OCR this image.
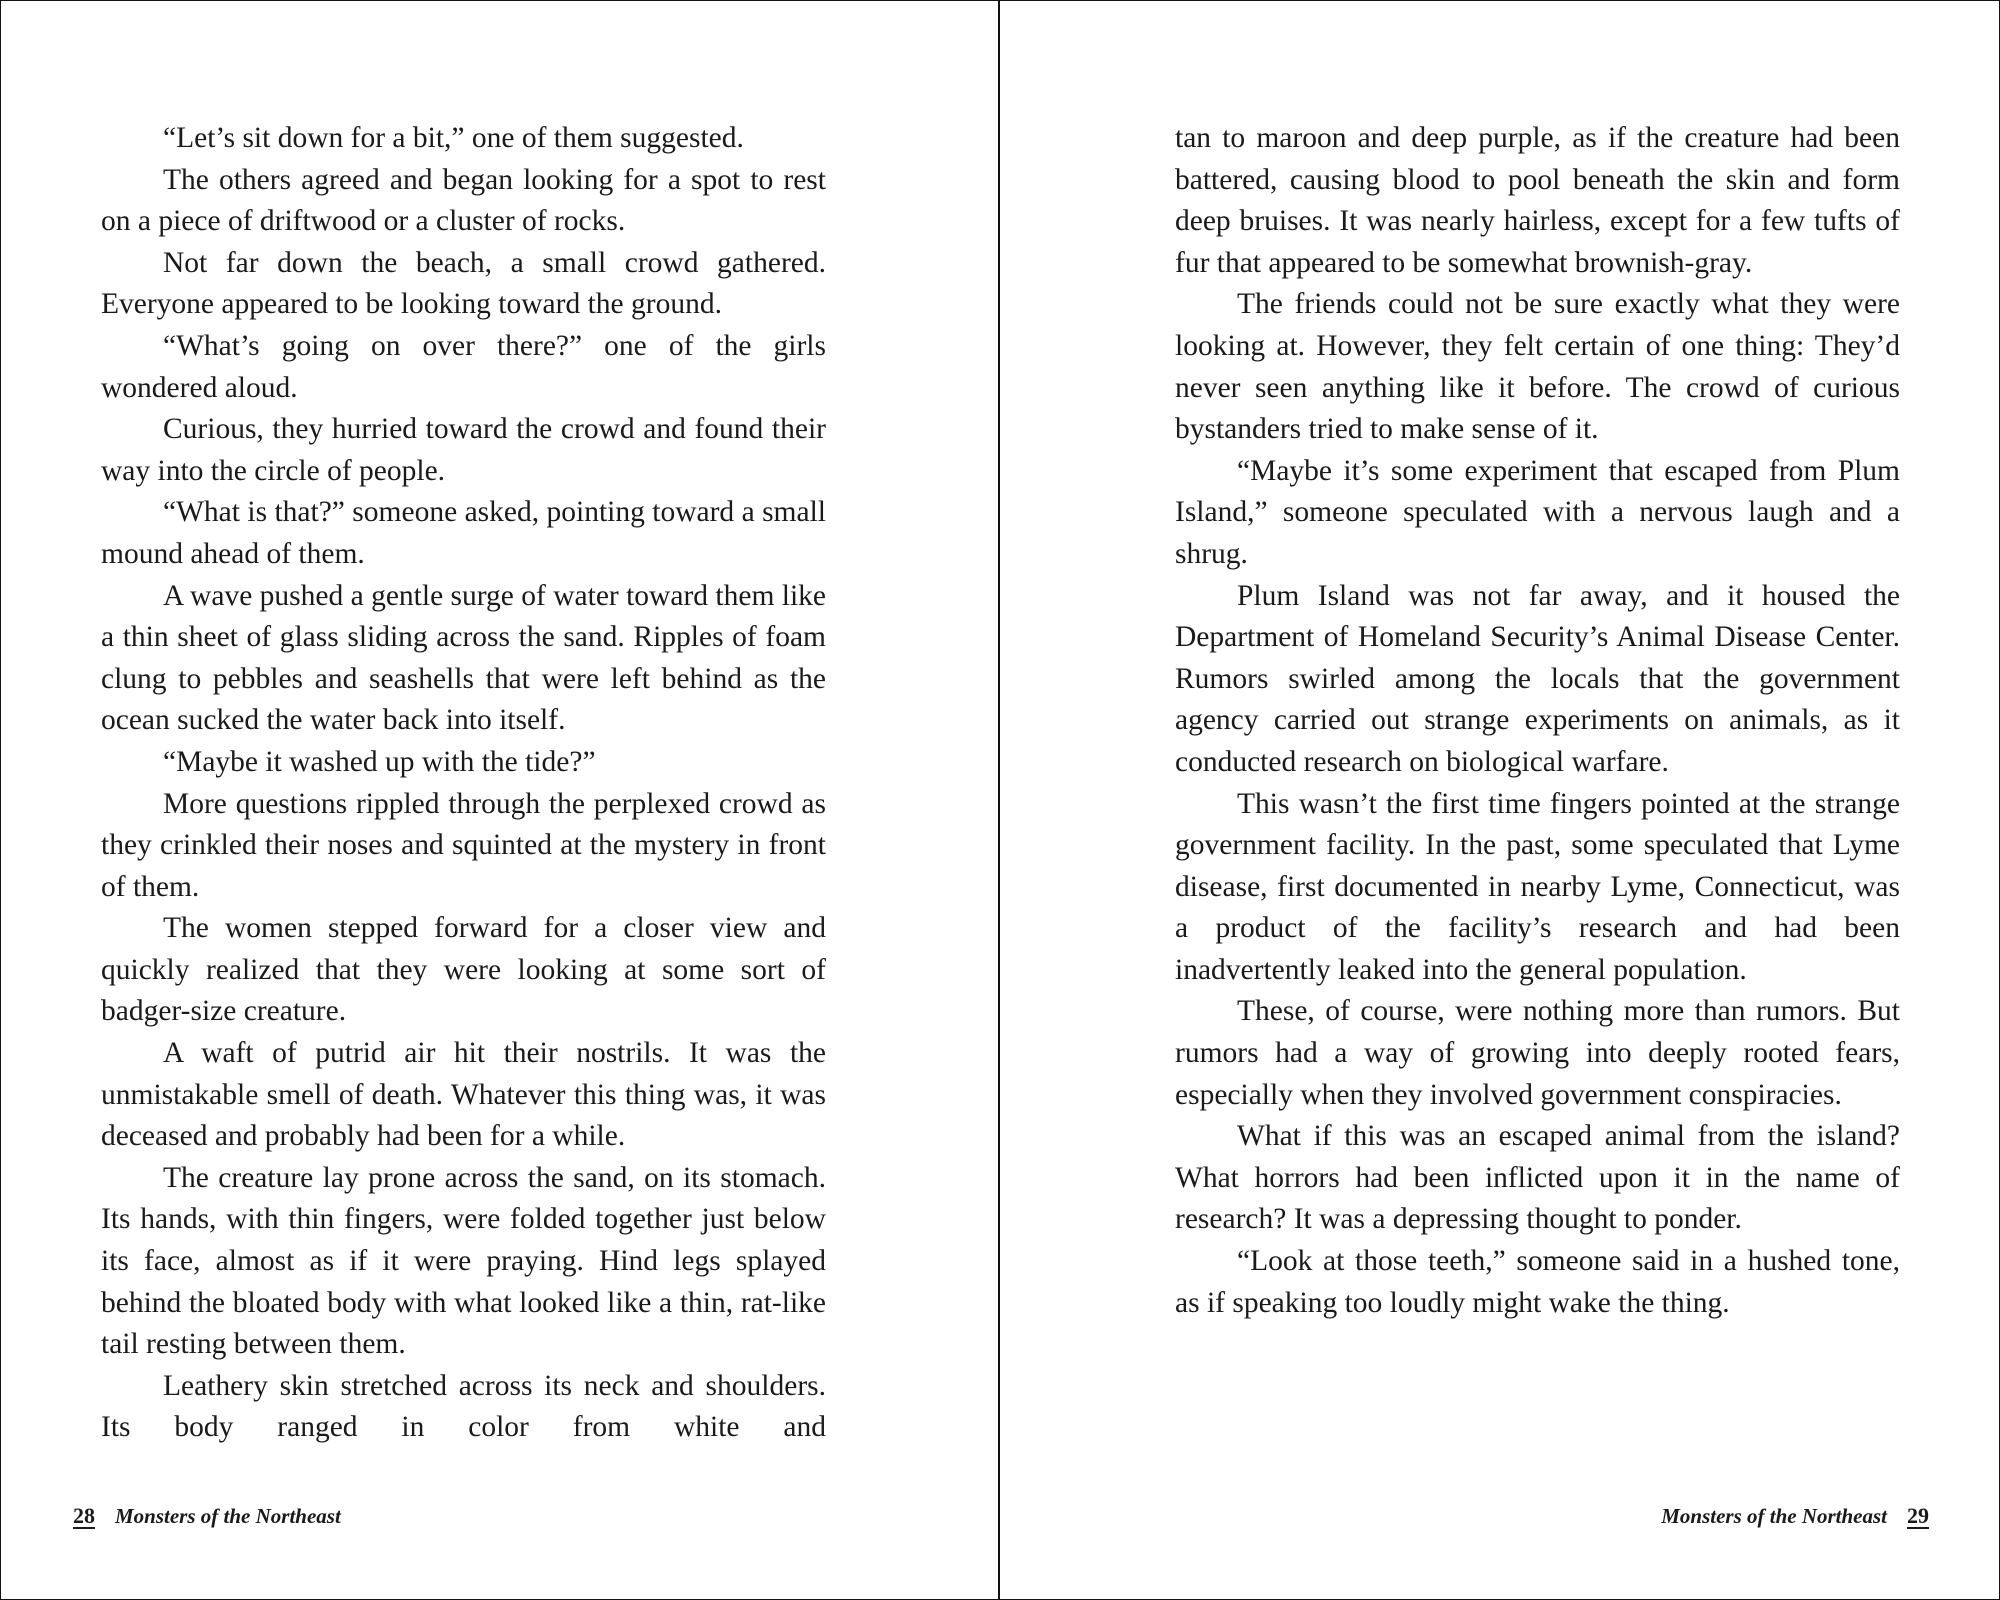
“Let’s sit down for a bit,” one of them suggested.

The others agreed and began looking for a spot to rest on a piece of driftwood or a cluster of rocks.

Not far down the beach, a small crowd gathered. Everyone appeared to be looking toward the ground.

“What’s going on over there?” one of the girls wondered aloud.

Curious, they hurried toward the crowd and found their way into the circle of people.

“What is that?” someone asked, pointing toward a small mound ahead of them.

A wave pushed a gentle surge of water toward them like a thin sheet of glass sliding across the sand. Ripples of foam clung to pebbles and seashells that were left behind as the ocean sucked the water back into itself.

“Maybe it washed up with the tide?”

More questions rippled through the perplexed crowd as they crinkled their noses and squinted at the mystery in front of them.

The women stepped forward for a closer view and quickly realized that they were looking at some sort of badger-size creature.

A waft of putrid air hit their nostrils. It was the unmistakable smell of death. Whatever this thing was, it was deceased and probably had been for a while.

The creature lay prone across the sand, on its stomach. Its hands, with thin fingers, were folded together just below its face, almost as if it were praying. Hind legs splayed behind the bloated body with what looked like a thin, rat-like tail resting between them.

Leathery skin stretched across its neck and shoulders. Its body ranged in color from white and

28 Monsters of the Northeast

tan to maroon and deep purple, as if the creature had been battered, causing blood to pool beneath the skin and form deep bruises. It was nearly hairless, except for a few tufts of fur that appeared to be somewhat brownish-gray.

The friends could not be sure exactly what they were looking at. However, they felt certain of one thing: They’d never seen anything like it before. The crowd of curious bystanders tried to make sense of it.

“Maybe it’s some experiment that escaped from Plum Island,” someone speculated with a nervous laugh and a shrug.

Plum Island was not far away, and it housed the Department of Homeland Security’s Animal Disease Center. Rumors swirled among the locals that the government agency carried out strange experiments on animals, as it conducted research on biological warfare.

This wasn’t the first time fingers pointed at the strange government facility. In the past, some speculated that Lyme disease, first documented in nearby Lyme, Connecticut, was a product of the facility’s research and had been inadvertently leaked into the general population.

These, of course, were nothing more than rumors. But rumors had a way of growing into deeply rooted fears, especially when they involved government conspiracies.

What if this was an escaped animal from the island? What horrors had been inflicted upon it in the name of research? It was a depressing thought to ponder.

“Look at those teeth,” someone said in a hushed tone, as if speaking too loudly might wake the thing.

Monsters of the Northeast 29
